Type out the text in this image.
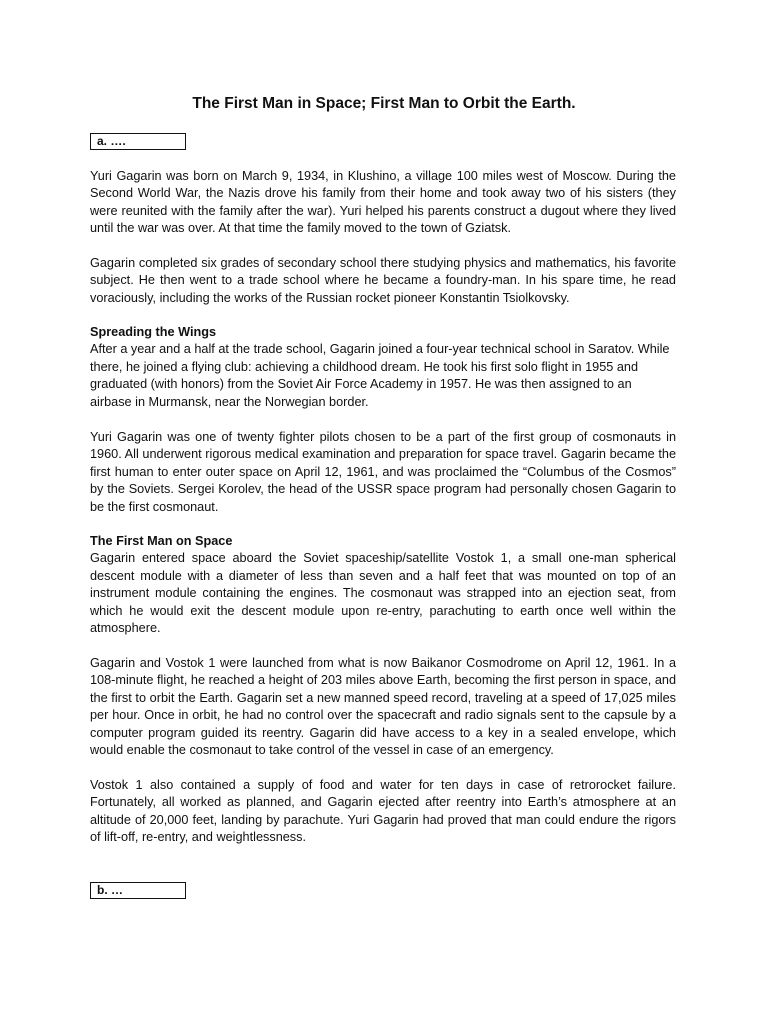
The First Man in Space; First Man to Orbit the Earth.
a. ….

Yuri Gagarin was born on March 9, 1934, in Klushino, a village 100 miles west of Moscow. During the Second World War, the Nazis drove his family from their home and took away two of his sisters (they were reunited with the family after the war). Yuri helped his parents construct a dugout where they lived until the war was over. At that time the family moved to the town of Gziatsk.

Gagarin completed six grades of secondary school there studying physics and mathematics, his favorite subject. He then went to a trade school where he became a foundry-man. In his spare time, he read voraciously, including the works of the Russian rocket pioneer Konstantin Tsiolkovsky.

Spreading the Wings

After a year and a half at the trade school, Gagarin joined a four-year technical school in Saratov. While there, he joined a flying club: achieving a childhood dream. He took his first solo flight in 1955 and graduated (with honors) from the Soviet Air Force Academy in 1957. He was then assigned to an airbase in Murmansk, near the Norwegian border.

Yuri Gagarin was one of twenty fighter pilots chosen to be a part of the first group of cosmonauts in 1960. All underwent rigorous medical examination and preparation for space travel. Gagarin became the first human to enter outer space on April 12, 1961, and was proclaimed the “Columbus of the Cosmos” by the Soviets. Sergei Korolev, the head of the USSR space program had personally chosen Gagarin to be the first cosmonaut.

The First Man on Space

Gagarin entered space aboard the Soviet spaceship/satellite Vostok 1, a small one-man spherical descent module with a diameter of less than seven and a half feet that was mounted on top of an instrument module containing the engines. The cosmonaut was strapped into an ejection seat, from which he would exit the descent module upon re-entry, parachuting to earth once well within the atmosphere.

Gagarin and Vostok 1 were launched from what is now Baikanor Cosmodrome on April 12, 1961. In a 108-minute flight, he reached a height of 203 miles above Earth, becoming the first person in space, and the first to orbit the Earth. Gagarin set a new manned speed record, traveling at a speed of 17,025 miles per hour. Once in orbit, he had no control over the spacecraft and radio signals sent to the capsule by a computer program guided its reentry. Gagarin did have access to a key in a sealed envelope, which would enable the cosmonaut to take control of the vessel in case of an emergency.

Vostok 1 also contained a supply of food and water for ten days in case of retrorocket failure. Fortunately, all worked as planned, and Gagarin ejected after reentry into Earth’s atmosphere at an altitude of 20,000 feet, landing by parachute. Yuri Gagarin had proved that man could endure the rigors of lift-off, re-entry, and weightlessness.

b. …
